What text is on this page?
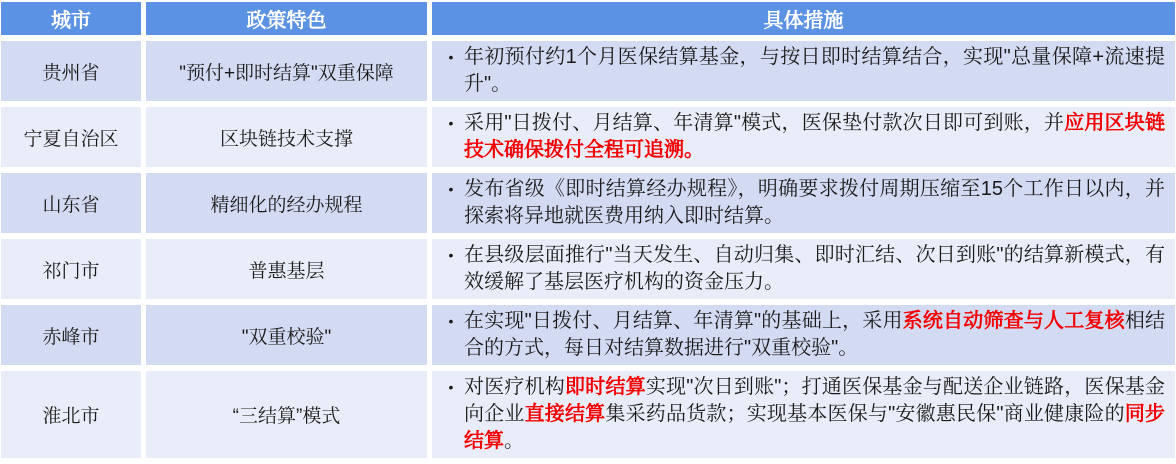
城市	政策特色	具体措施
贵州省	"预付+即时结算"双重保障	• 年初预付约1个月医保结算基金，与按日即时结算结合，实现"总量保障+流速提升"。

宁夏自治区	区块链技术支撑	• 采用"日拨付、月结算、年清算"模式，医保垫付款次日即可到账，并应用区块链技术确保拨付全程可追溯。

山东省	精细化的经办规程	• 发布省级《即时结算经办规程》，明确要求拨付周期压缩至15个工作日以内，并探索将异地就医费用纳入即时结算。

祁门市	普惠基层	• 在县级层面推行"当天发生、自动归集、即时汇结、次日到账"的结算新模式，有效缓解了基层医疗机构的资金压力。

赤峰市	"双重校验"	• 在实现"日拨付、月结算、年清算"的基础上，采用系统自动筛查与人工复核相结合的方式，每日对结算数据进行"双重校验"。

淮北市	“三结算”模式	• 对医疗机构即时结算实现"次日到账"；打通医保基金与配送企业链路，医保基金向企业直接结算集采药品货款；实现基本医保与"安徽惠民保"商业健康险的同步结算。
